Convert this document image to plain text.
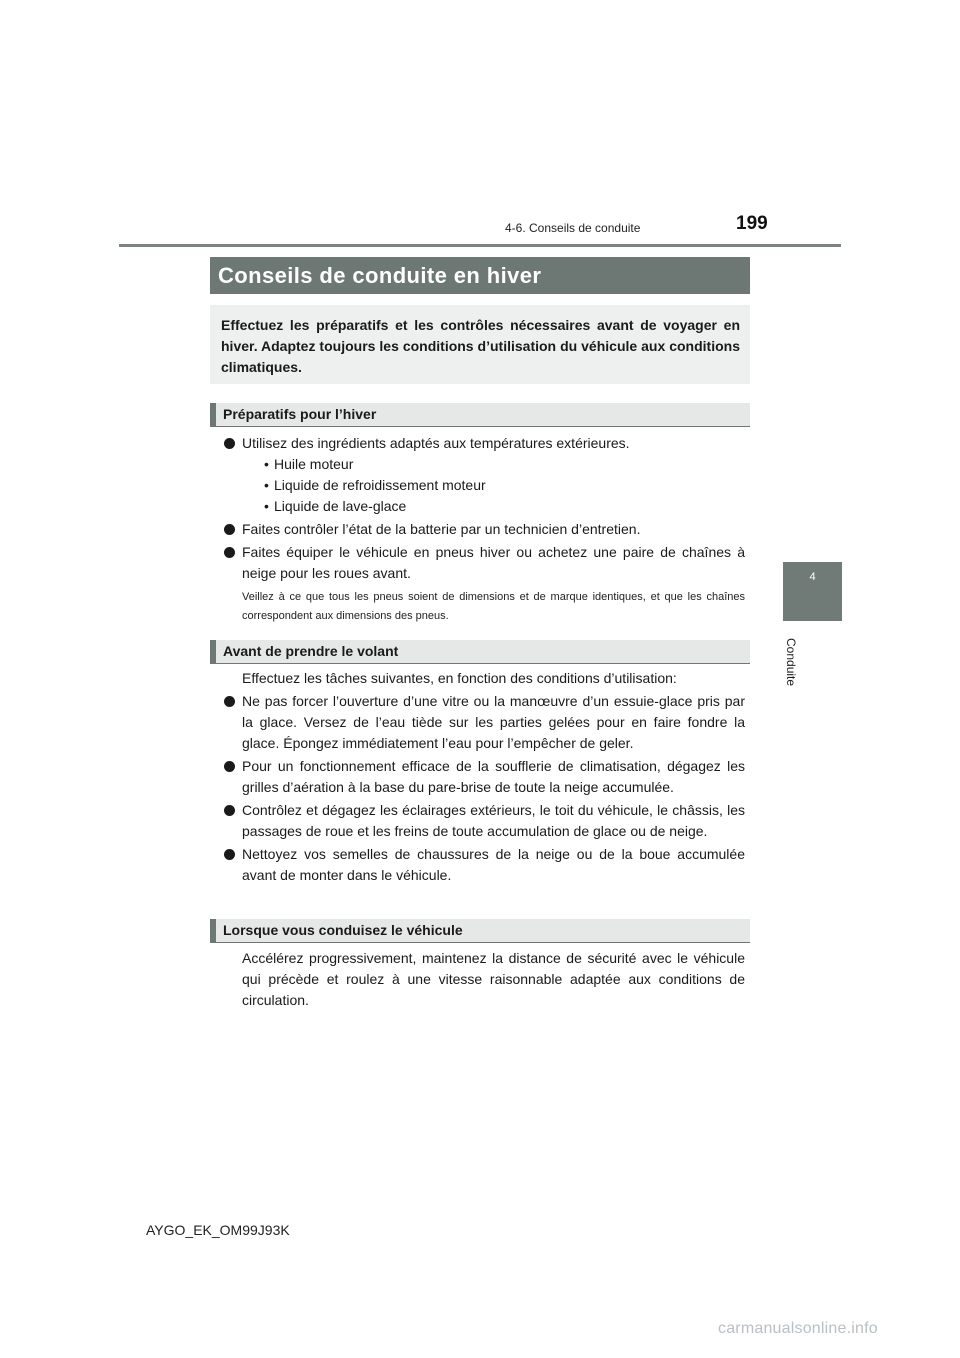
4-6. Conseils de conduite	199
4
Conduite
Conseils de conduite en hiver
Effectuez les préparatifs et les contrôles nécessaires avant de voyager en hiver. Adaptez toujours les conditions d’utilisation du véhicule aux conditions climatiques.
Préparatifs pour l’hiver
Utilisez des ingrédients adaptés aux températures extérieures.
• Huile moteur
• Liquide de refroidissement moteur
• Liquide de lave-glace
Faites contrôler l’état de la batterie par un technicien d’entretien.
Faites équiper le véhicule en pneus hiver ou achetez une paire de chaînes à neige pour les roues avant.
Veillez à ce que tous les pneus soient de dimensions et de marque identiques, et que les chaînes correspondent aux dimensions des pneus.
Avant de prendre le volant
Effectuez les tâches suivantes, en fonction des conditions d’utilisation:
Ne pas forcer l’ouverture d’une vitre ou la manœuvre d’un essuie-glace pris par la glace. Versez de l’eau tiède sur les parties gelées pour en faire fondre la glace. Épongez immédiatement l’eau pour l’empêcher de geler.
Pour un fonctionnement efficace de la soufflerie de climatisation, dégagez les grilles d’aération à la base du pare-brise de toute la neige accumulée.
Contrôlez et dégagez les éclairages extérieurs, le toit du véhicule, le châssis, les passages de roue et les freins de toute accumulation de glace ou de neige.
Nettoyez vos semelles de chaussures de la neige ou de la boue accumulée avant de monter dans le véhicule.
Lorsque vous conduisez le véhicule
Accélérez progressivement, maintenez la distance de sécurité avec le véhicule qui précède et roulez à une vitesse raisonnable adaptée aux conditions de circulation.
AYGO_EK_OM99J93K
carmanualsonline.info
